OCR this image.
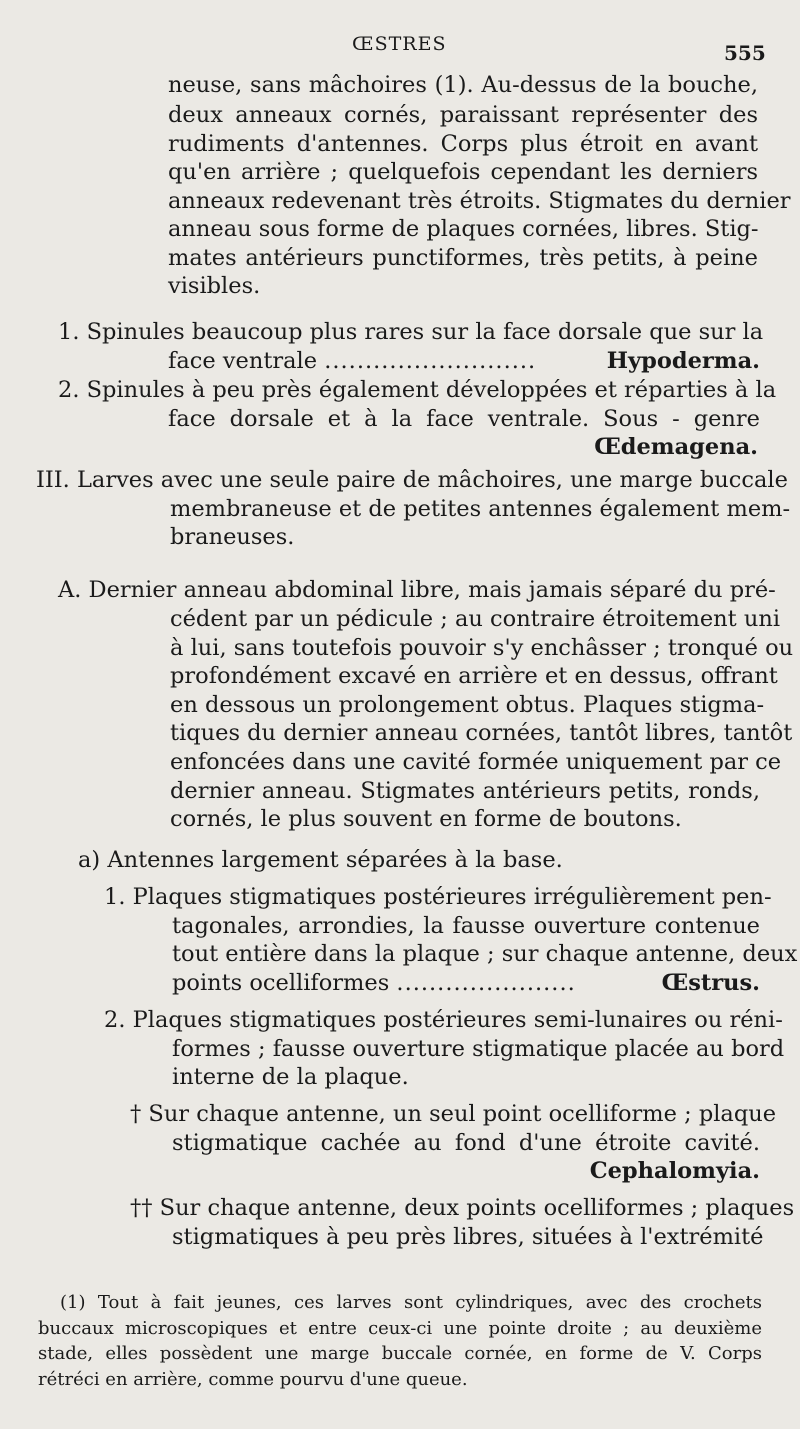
ŒSTRES	555
neuse, sans mâchoires (1). Au-dessus de la bouche,
deux anneaux cornés, paraissant représenter des
rudiments d'antennes. Corps plus étroit en avant
qu'en arrière ; quelquefois cependant les derniers
anneaux redevenant très étroits. Stigmates du dernier
anneau sous forme de plaques cornées, libres. Stig-
mates antérieurs punctiformes, très petits, à peine
visibles.
1. Spinules beaucoup plus rares sur la face dorsale que sur la
face ventrale ..........................	Hypoderma.
2. Spinules à peu près également développées et réparties à la
face dorsale et à la face ventrale. Sous - genre
Œdemagena.
III. Larves avec une seule paire de mâchoires, une marge buccale
membraneuse et de petites antennes également mem-
braneuses.
A. Dernier anneau abdominal libre, mais jamais séparé du pré-
cédent par un pédicule ; au contraire étroitement uni
à lui, sans toutefois pouvoir s'y enchâsser ; tronqué ou
profondément excavé en arrière et en dessus, offrant
en dessous un prolongement obtus. Plaques stigma-
tiques du dernier anneau cornées, tantôt libres, tantôt
enfoncées dans une cavité formée uniquement par ce
dernier anneau. Stigmates antérieurs petits, ronds,
cornés, le plus souvent en forme de boutons.
a) Antennes largement séparées à la base.
1. Plaques stigmatiques postérieures irrégulièrement pen-
tagonales, arrondies, la fausse ouverture contenue
tout entière dans la plaque ; sur chaque antenne, deux
points ocelliformes ......................	Œstrus.
2. Plaques stigmatiques postérieures semi-lunaires ou réni-
formes ; fausse ouverture stigmatique placée au bord
interne de la plaque.
† Sur chaque antenne, un seul point ocelliforme ; plaque
stigmatique cachée au fond d'une étroite cavité.
Cephalomyia.
†† Sur chaque antenne, deux points ocelliformes ; plaques
stigmatiques à peu près libres, situées à l'extrémité
(1) Tout à fait jeunes, ces larves sont cylindriques, avec des crochets
buccaux microscopiques et entre ceux-ci une pointe droite ; au deuxième
stade, elles possèdent une marge buccale cornée, en forme de V. Corps
rétréci en arrière, comme pourvu d'une queue.
